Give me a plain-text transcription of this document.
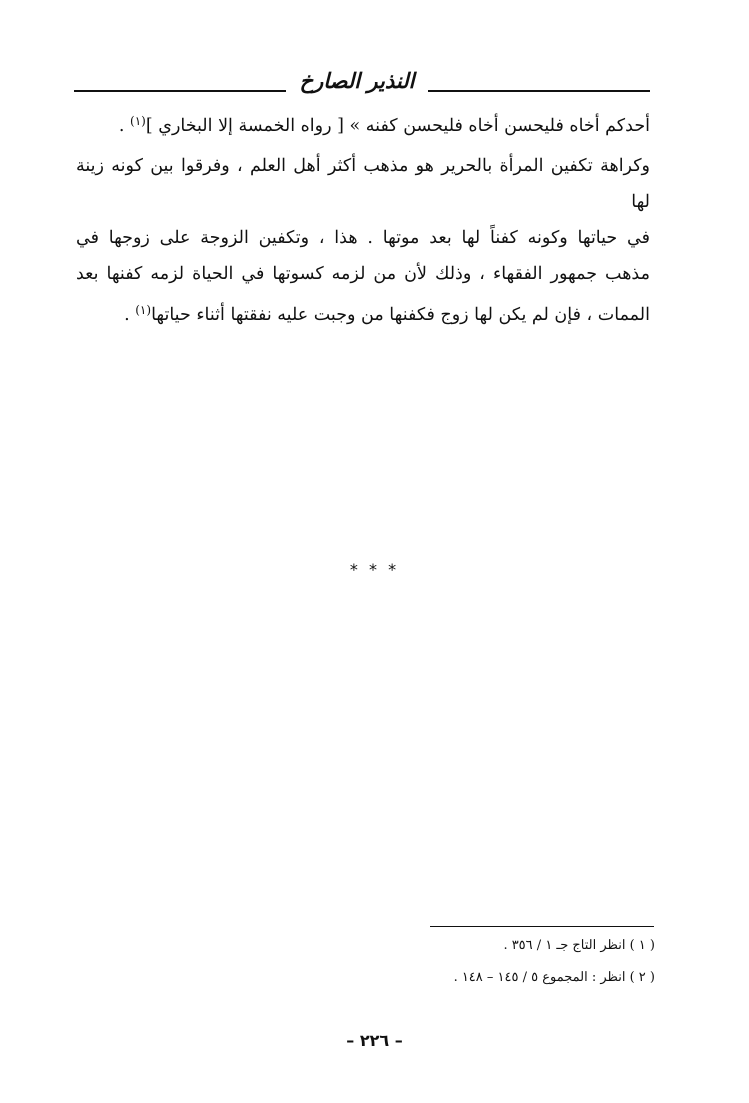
النذير الصارخ
أحدكم أخاه فليحسن أخاه فليحسن كفنه » [ رواه الخمسة إلا البخاري ]$^{(١)}$ .
وكراهة تكفين المرأة بالحرير هو مذهب أكثر أهل العلم ، وفرقوا بين كونه زينة لها
في حياتها وكونه كفناً لها بعد موتها . هذا ، وتكفين الزوجة على زوجها في
مذهب جمهور الفقهاء ، وذلك لأن من لزمه كسوتها في الحياة لزمه كفنها بعد
الممات ، فإن لم يكن لها زوج فكفنها من وجبت عليه نفقتها أثناء حياتها$^{(١)}$ .
* * *
( ١ ) انظر التاج جـ ١ / ٣٥٦ .
( ٢ ) انظر : المجموع ٥ / ١٤٥ – ١٤٨ .
– ٢٢٦ –
